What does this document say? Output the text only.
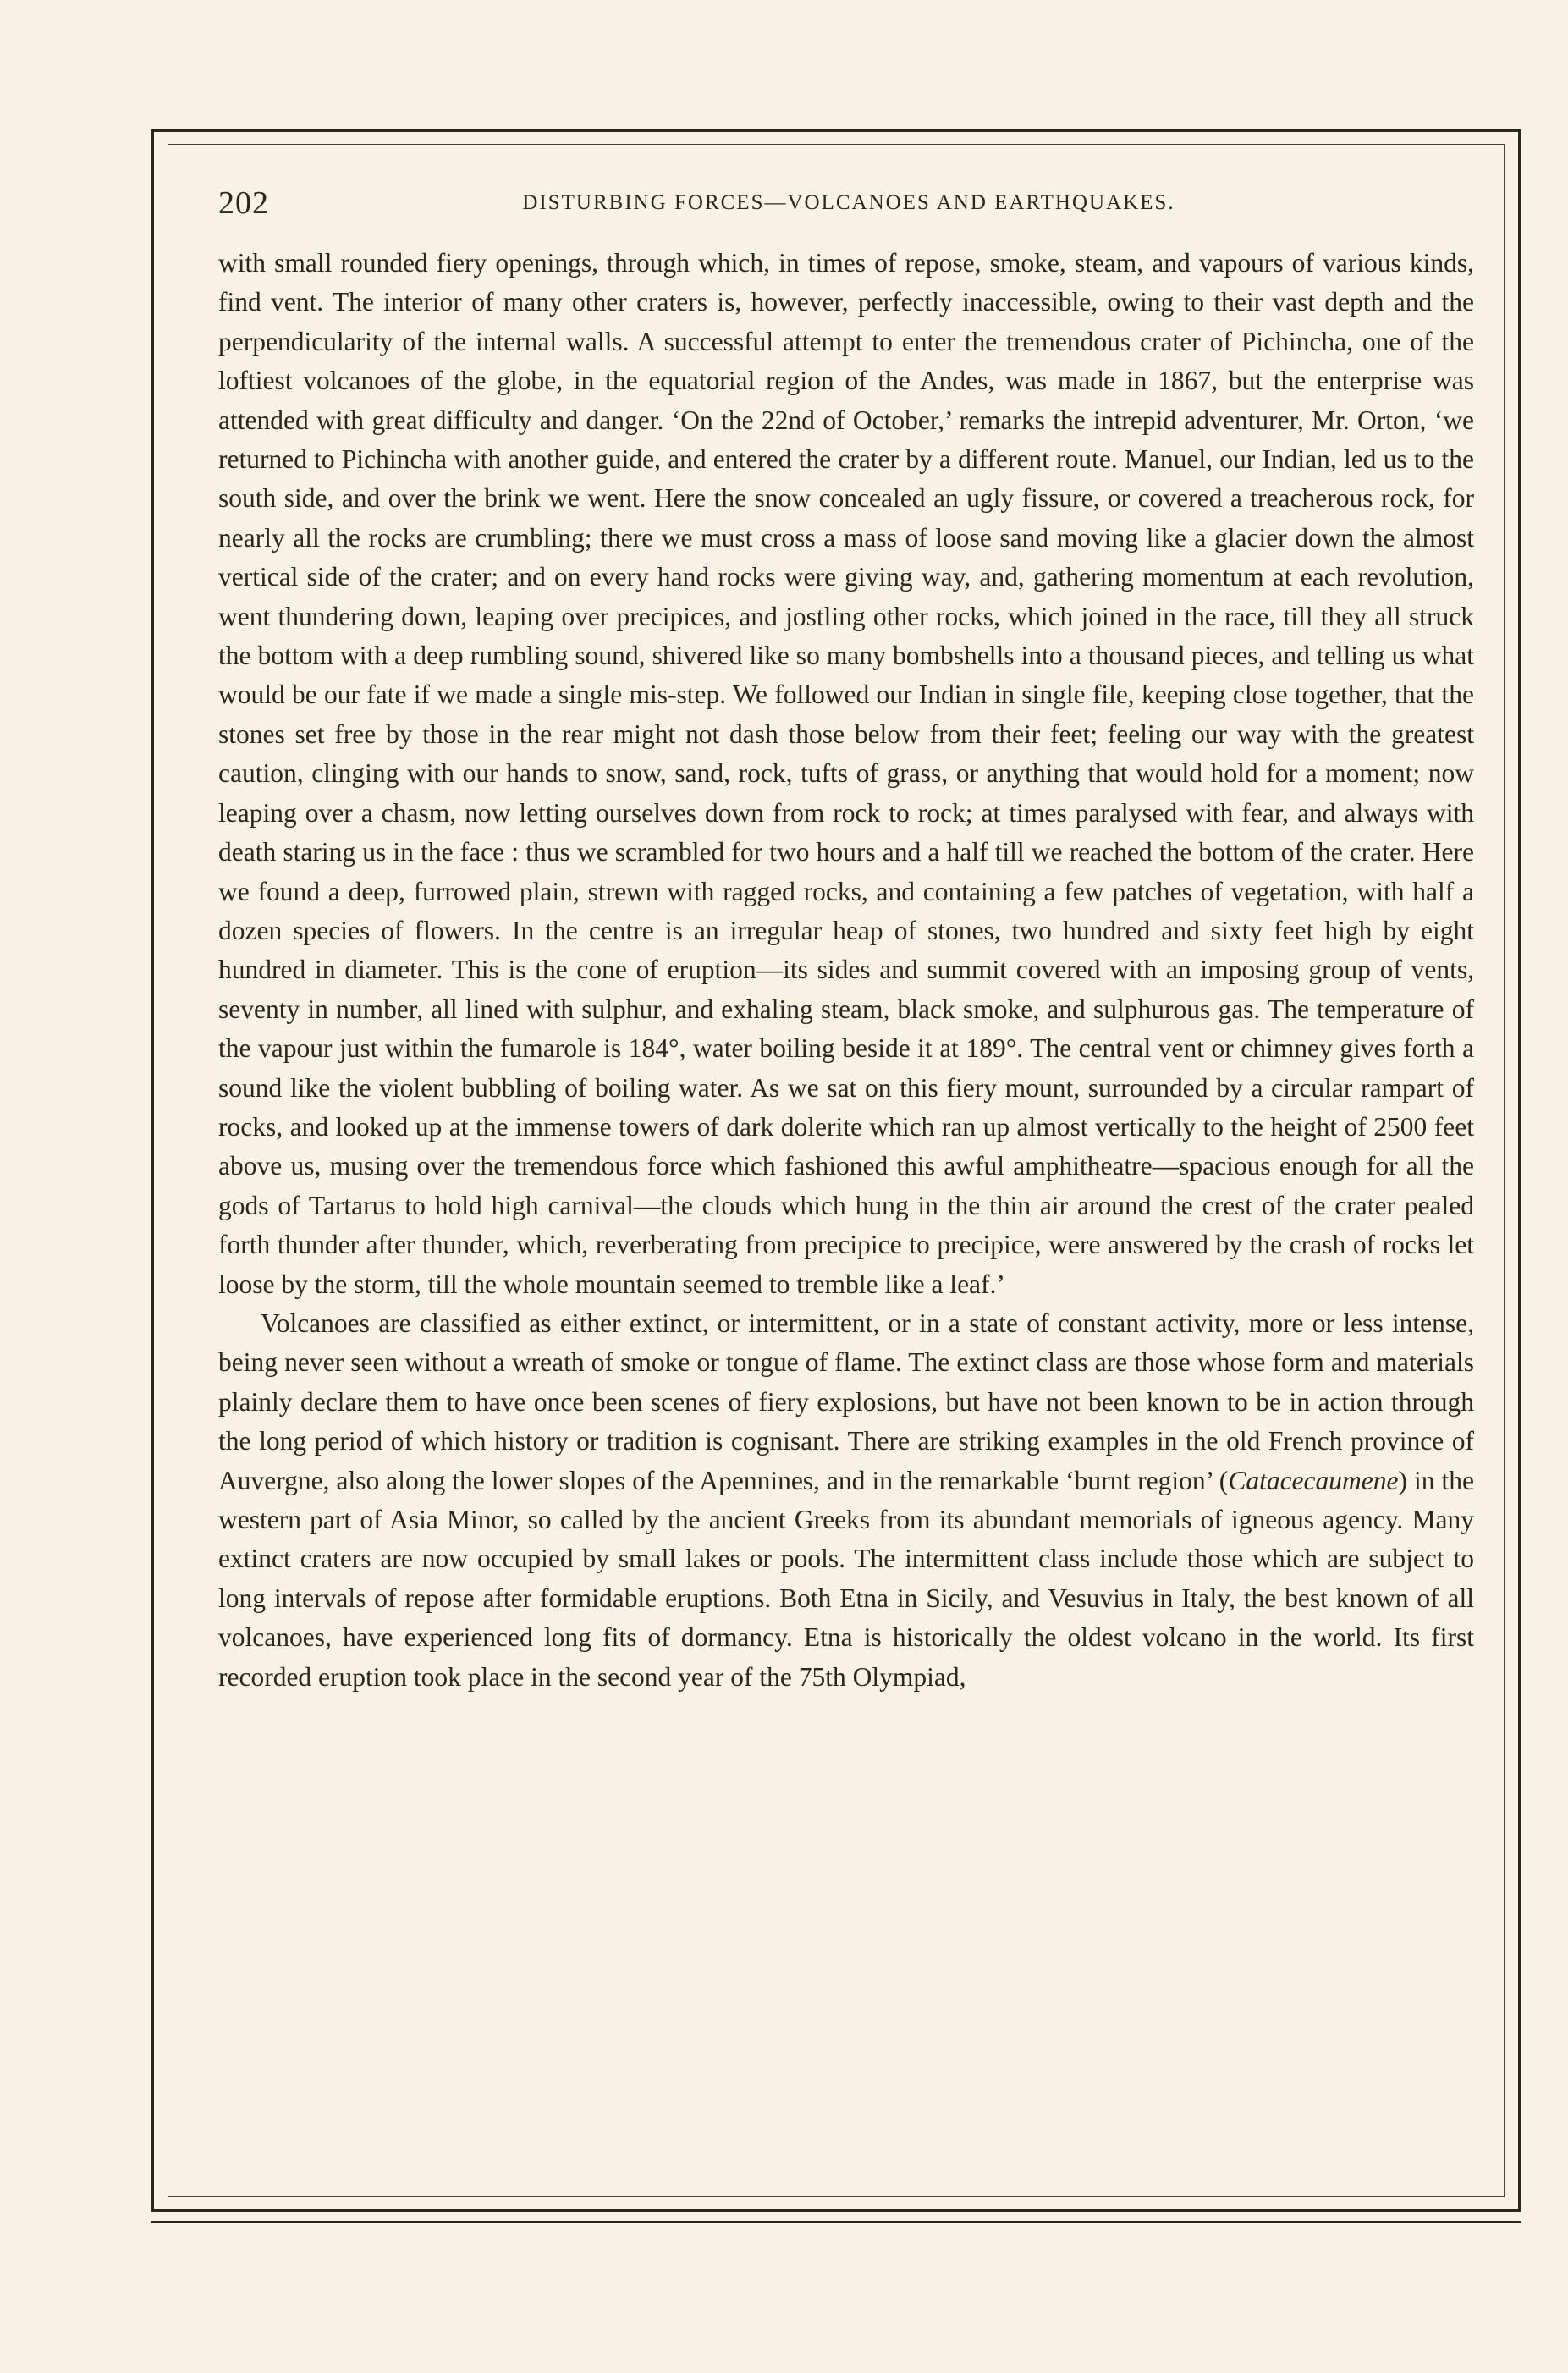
202	DISTURBING FORCES—VOLCANOES AND EARTHQUAKES.

with small rounded fiery openings, through which, in times of repose, smoke, steam, and vapours of various kinds, find vent. The interior of many other craters is, however, perfectly inaccessible, owing to their vast depth and the perpendicularity of the internal walls. A successful attempt to enter the tremendous crater of Pichincha, one of the loftiest volcanoes of the globe, in the equatorial region of the Andes, was made in 1867, but the enterprise was attended with great difficulty and danger. ‘On the 22nd of October,’ remarks the intrepid adventurer, Mr. Orton, ‘we returned to Pichincha with another guide, and entered the crater by a different route. Manuel, our Indian, led us to the south side, and over the brink we went. Here the snow concealed an ugly fissure, or covered a treacherous rock, for nearly all the rocks are crumbling; there we must cross a mass of loose sand moving like a glacier down the almost vertical side of the crater; and on every hand rocks were giving way, and, gathering momentum at each revolution, went thundering down, leaping over precipices, and jostling other rocks, which joined in the race, till they all struck the bottom with a deep rumbling sound, shivered like so many bombshells into a thousand pieces, and telling us what would be our fate if we made a single mis-step. We followed our Indian in single file, keeping close together, that the stones set free by those in the rear might not dash those below from their feet; feeling our way with the greatest caution, clinging with our hands to snow, sand, rock, tufts of grass, or anything that would hold for a moment; now leaping over a chasm, now letting ourselves down from rock to rock; at times paralysed with fear, and always with death staring us in the face : thus we scrambled for two hours and a half till we reached the bottom of the crater. Here we found a deep, furrowed plain, strewn with ragged rocks, and containing a few patches of vegetation, with half a dozen species of flowers. In the centre is an irregular heap of stones, two hundred and sixty feet high by eight hundred in diameter. This is the cone of eruption—its sides and summit covered with an imposing group of vents, seventy in number, all lined with sulphur, and exhaling steam, black smoke, and sulphurous gas. The temperature of the vapour just within the fumarole is 184°, water boiling beside it at 189°. The central vent or chimney gives forth a sound like the violent bubbling of boiling water. As we sat on this fiery mount, surrounded by a circular rampart of rocks, and looked up at the immense towers of dark dolerite which ran up almost vertically to the height of 2500 feet above us, musing over the tremendous force which fashioned this awful amphitheatre—spacious enough for all the gods of Tartarus to hold high carnival—the clouds which hung in the thin air around the crest of the crater pealed forth thunder after thunder, which, reverberating from precipice to precipice, were answered by the crash of rocks let loose by the storm, till the whole mountain seemed to tremble like a leaf.’

Volcanoes are classified as either extinct, or intermittent, or in a state of constant activity, more or less intense, being never seen without a wreath of smoke or tongue of flame. The extinct class are those whose form and materials plainly declare them to have once been scenes of fiery explosions, but have not been known to be in action through the long period of which history or tradition is cognisant. There are striking examples in the old French province of Auvergne, also along the lower slopes of the Apennines, and in the remarkable ‘burnt region’ (Catacecaumene) in the western part of Asia Minor, so called by the ancient Greeks from its abundant memorials of igneous agency. Many extinct craters are now occupied by small lakes or pools. The intermittent class include those which are subject to long intervals of repose after formidable eruptions. Both Etna in Sicily, and Vesuvius in Italy, the best known of all volcanoes, have experienced long fits of dormancy. Etna is historically the oldest volcano in the world. Its first recorded eruption took place in the second year of the 75th Olympiad,
